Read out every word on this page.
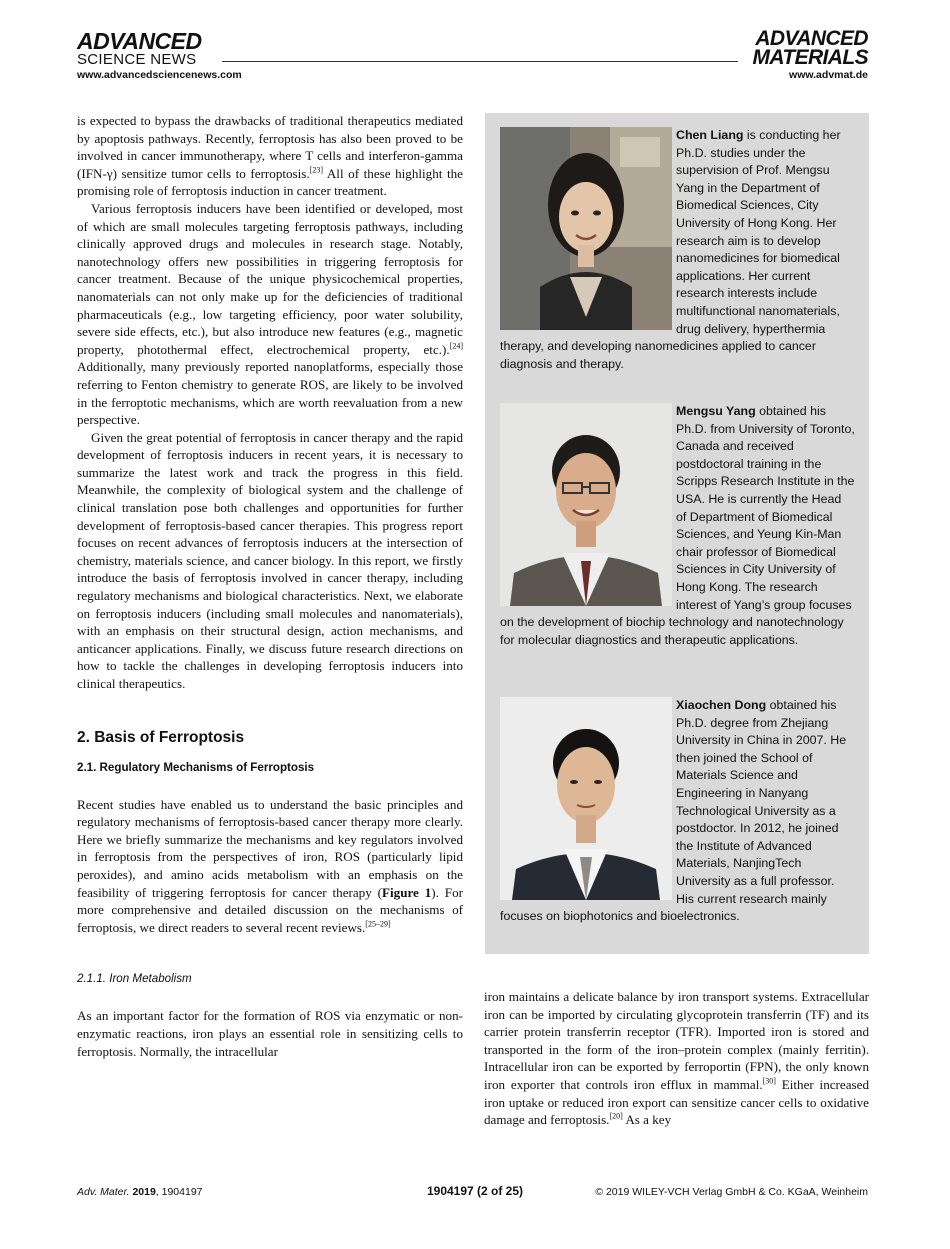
ADVANCED
SCIENCE NEWS
ADVANCED
MATERIALS
www.advancedsciencenews.com	www.advmat.de

is expected to bypass the drawbacks of traditional therapeutics mediated by apoptosis pathways. Recently, ferroptosis has also been proved to be involved in cancer immunotherapy, where T cells and interferon-gamma (IFN-γ) sensitize tumor cells to ferroptosis.[23] All of these highlight the promising role of ferroptosis induction in cancer treatment.

Various ferroptosis inducers have been identified or developed, most of which are small molecules targeting ferroptosis pathways, including clinically approved drugs and molecules in research stage. Notably, nanotechnology offers new possibilities in triggering ferroptosis for cancer treatment. Because of the unique physicochemical properties, nanomaterials can not only make up for the deficiencies of traditional pharmaceuticals (e.g., low targeting efficiency, poor water solubility, severe side effects, etc.), but also introduce new features (e.g., magnetic property, photothermal effect, electrochemical property, etc.).[24] Additionally, many previously reported nanoplatforms, especially those referring to Fenton chemistry to generate ROS, are likely to be involved in the ferroptotic mechanisms, which are worth reevaluation from a new perspective.

Given the great potential of ferroptosis in cancer therapy and the rapid development of ferroptosis inducers in recent years, it is necessary to summarize the latest work and track the progress in this field. Meanwhile, the complexity of biological system and the challenge of clinical translation pose both challenges and opportunities for further development of ferroptosis-based cancer therapies. This progress report focuses on recent advances of ferroptosis inducers at the intersection of chemistry, materials science, and cancer biology. In this report, we firstly introduce the basis of ferroptosis involved in cancer therapy, including regulatory mechanisms and biological characteristics. Next, we elaborate on ferroptosis inducers (including small molecules and nanomaterials), with an emphasis on their structural design, action mechanisms, and anticancer applications. Finally, we discuss future research directions on how to tackle the challenges in developing ferroptosis inducers into clinical therapeutics.

2. Basis of Ferroptosis
2.1. Regulatory Mechanisms of Ferroptosis

Recent studies have enabled us to understand the basic principles and regulatory mechanisms of ferroptosis-based cancer therapy more clearly. Here we briefly summarize the mechanisms and key regulators involved in ferroptosis from the perspectives of iron, ROS (particularly lipid peroxides), and amino acids metabolism with an emphasis on the feasibility of triggering ferroptosis for cancer therapy (Figure 1). For more comprehensive and detailed discussion on the mechanisms of ferroptosis, we direct readers to several recent reviews.[25–29]

2.1.1. Iron Metabolism

As an important factor for the formation of ROS via enzymatic or non-enzymatic reactions, iron plays an essential role in sensitizing cells to ferroptosis. Normally, the intracellular

Chen Liang is conducting her Ph.D. studies under the supervision of Prof. Mengsu Yang in the Department of Biomedical Sciences, City University of Hong Kong. Her research aim is to develop nanomedicines for biomedical applications. Her current research interests include multifunctional nanomaterials, drug delivery, hyperthermia therapy, and developing nanomedicines applied to cancer diagnosis and therapy.
Mengsu Yang obtained his Ph.D. from University of Toronto, Canada and received postdoctoral training in the Scripps Research Institute in the USA. He is currently the Head of Department of Biomedical Sciences, and Yeung Kin-Man chair professor of Biomedical Sciences in City University of Hong Kong. The research interest of Yang’s group focuses on the development of biochip technology and nanotechnology for molecular diagnostics and therapeutic applications.
Xiaochen Dong obtained his Ph.D. degree from Zhejiang University in China in 2007. He then joined the School of Materials Science and Engineering in Nanyang Technological University as a postdoctor. In 2012, he joined the Institute of Advanced Materials, NanjingTech University as a full professor. His current research mainly focuses on biophotonics and bioelectronics.

iron maintains a delicate balance by iron transport systems. Extracellular iron can be imported by circulating glycoprotein transferrin (TF) and its carrier protein transferrin receptor (TFR). Imported iron is stored and transported in the form of the iron–protein complex (mainly ferritin). Intracellular iron can be exported by ferroportin (FPN), the only known iron exporter that controls iron efflux in mammal.[30] Either increased iron uptake or reduced iron export can sensitize cancer cells to oxidative damage and ferroptosis.[20] As a key

Adv. Mater. 2019, 1904197	1904197 (2 of 25)	© 2019 WILEY-VCH Verlag GmbH & Co. KGaA, Weinheim
